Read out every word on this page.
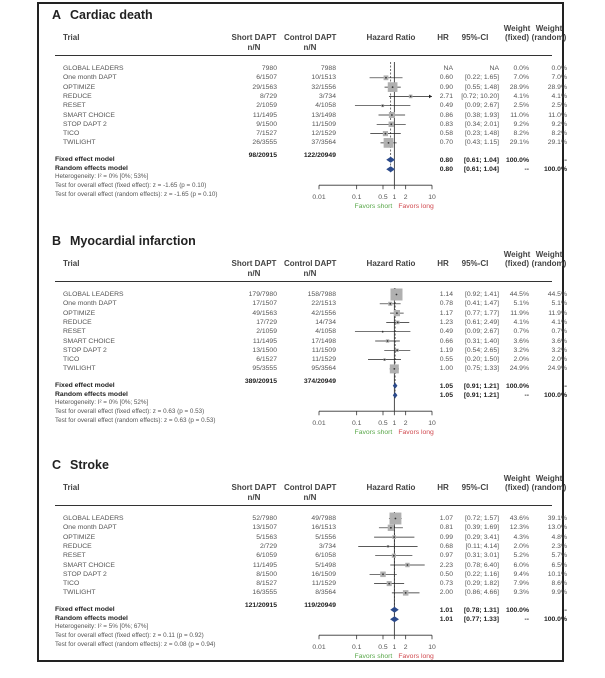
A Cardiac death
Trial	Short DAPT
n/N
Control DAPT
n/N
Hazard Ratio	HR	95%-CI
Weight
(fixed)
Weight
(random)
0.01	0.1 0.5 1 2	10
Favors short Favors long
GLOBAL LEADERS	7980	7988	NA	NA	0.0%	0.0%
One month DAPT	6/1507	10/1513	0.60	[0.22; 1.65]	7.0%	7.0%
OPTIMIZE	29/1563	32/1556	0.90	[0.55; 1.48]	28.9%	28.9%
REDUCE	8/729	3/734	2.71	[0.72; 10.20]	4.1%	4.1%
RESET	2/1059	4/1058	0.49	[0.09; 2.67]	2.5%	2.5%
SMART CHOICE	11/1495	13/1498	0.86	[0.38; 1.93]	11.0%	11.0%
STOP DAPT 2	9/1500	11/1509	0.83	[0.34; 2.01]	9.2%	9.2%
TICO	7/1527	12/1529	0.58	[0.23; 1.48]	8.2%	8.2%
TWILIGHT	26/3555	37/3564	0.70	[0.43; 1.15]	29.1%	29.1%
98/20915	122/20949
Fixed effect model
Random effects model
0.80	[0.61; 1.04]	100.0%	--
0.80	[0.61; 1.04]	--	100.0%
Heterogeneity: I² = 0% [0%; 53%]
Test for overall effect (fixed effect): z = -1.65 (p = 0.10)
Test for overall effect (random effects): z = -1.65 (p = 0.10)
B Myocardial infarction
Trial	Short DAPT
n/N
Control DAPT
n/N
Hazard Ratio	HR	95%-CI
Weight
(fixed)
Weight
(random)
0.01	0.1 0.5 1 2	10
Favors short Favors long
GLOBAL LEADERS	179/7980	158/7988	1.14	[0.92; 1.41]	44.5%	44.5%
One month DAPT	17/1507	22/1513	0.78	[0.41; 1.47]	5.1%	5.1%
OPTIMIZE	49/1563	42/1556	1.17	[0.77; 1.77]	11.9%	11.9%
REDUCE	17/729	14/734	1.23	[0.61; 2.49]	4.1%	4.1%
RESET	2/1059	4/1058	0.49	[0.09; 2.67]	0.7%	0.7%
SMART CHOICE	11/1495	17/1498	0.66	[0.31; 1.40]	3.6%	3.6%
STOP DAPT 2	13/1500	11/1509	1.19	[0.54; 2.65]	3.2%	3.2%
TICO	6/1527	11/1529	0.55	[0.20; 1.50]	2.0%	2.0%
TWILIGHT	95/3555	95/3564	1.00	[0.75; 1.33]	24.9%	24.9%
389/20915	374/20949
Fixed effect model
Random effects model
1.05	[0.91; 1.21]	100.0%	--
1.05	[0.91; 1.21]	--	100.0%
Heterogeneity: I² = 0% [0%; 52%]
Test for overall effect (fixed effect): z = 0.63 (p = 0.53)
Test for overall effect (random effects): z = 0.63 (p = 0.53)
C Stroke
Trial	Short DAPT
n/N
Control DAPT
n/N
Hazard Ratio	HR	95%-CI
Weight
(fixed)
Weight
(random)
0.01	0.1 0.5 1 2	10
Favors short Favors long
GLOBAL LEADERS	52/7980	49/7988	1.07	[0.72; 1.57]	43.6%	39.1%
One month DAPT	13/1507	16/1513	0.81	[0.39; 1.69]	12.3%	13.0%
OPTIMIZE	5/1563	5/1556	0.99	[0.29; 3.41]	4.3%	4.8%
REDUCE	2/729	3/734	0.68	[0.11; 4.14]	2.0%	2.3%
RESET	6/1059	6/1058	0.97	[0.31; 3.01]	5.2%	5.7%
SMART CHOICE	11/1495	5/1498	2.23	[0.78; 6.40]	6.0%	6.5%
STOP DAPT 2	8/1500	16/1509	0.50	[0.22; 1.16]	9.4%	10.1%
TICO	8/1527	11/1529	0.73	[0.29; 1.82]	7.9%	8.6%
TWILIGHT	16/3555	8/3564	2.00	[0.86; 4.66]	9.3%	9.9%
121/20915	119/20949
Fixed effect model
Random effects model
1.01	[0.78; 1.31]	100.0%	--
1.01	[0.77; 1.33]	--	100.0%
Heterogeneity: I² = 5% [0%; 67%]
Test for overall effect (fixed effect): z = 0.11 (p = 0.92)
Test for overall effect (random effects): z = 0.08 (p = 0.94)
